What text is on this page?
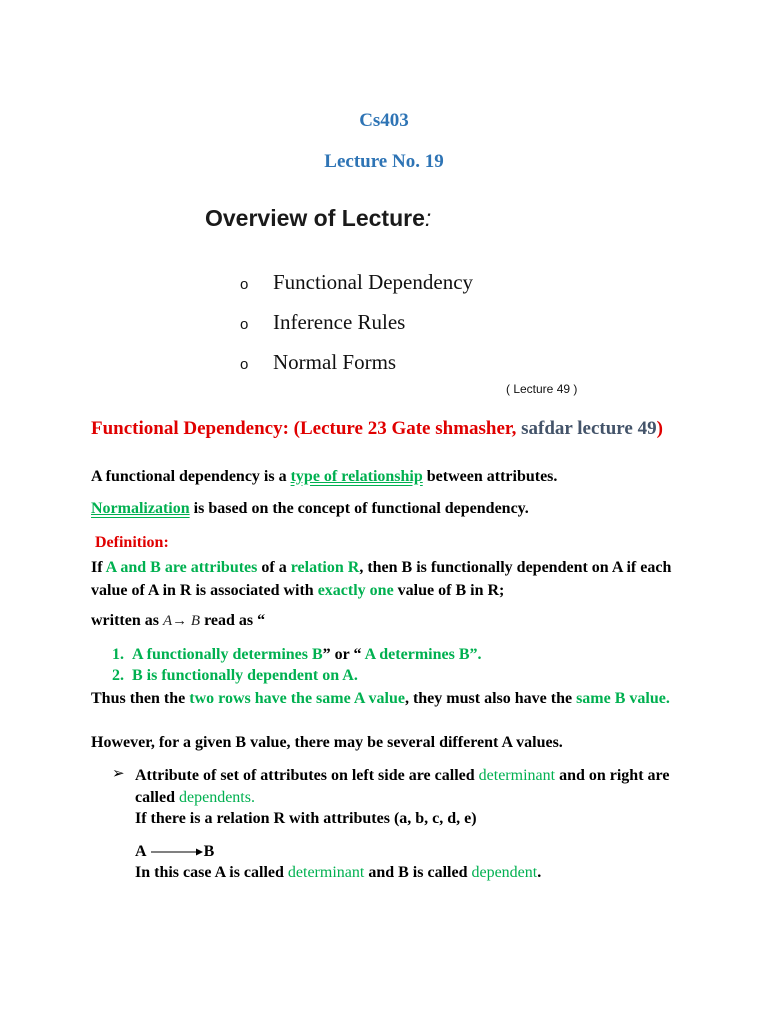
Cs403
Lecture No. 19
Overview of Lecture:
o Functional Dependency
o Inference Rules
o Normal Forms
( Lecture 49 )
Functional Dependency: (Lecture 23 Gate shmasher, safdar lecture 49)
A functional dependency is a type of relationship between attributes.
Normalization is based on the concept of functional dependency.
Definition:
If A and B are attributes of a relation R, then B is functionally dependent on A if each value of A in R is associated with exactly one value of B in R;
written as A→ B read as “
1. A functionally determines B” or “ A determines B”.
2. B is functionally dependent on A.
Thus then the two rows have the same A value, they must also have the same B value.
However, for a given B value, there may be several different A values.
➢ Attribute of set of attributes on left side are called determinant and on right are called dependents.
If there is a relation R with attributes (a, b, c, d, e)
A	B
In this case A is called determinant and B is called dependent.
